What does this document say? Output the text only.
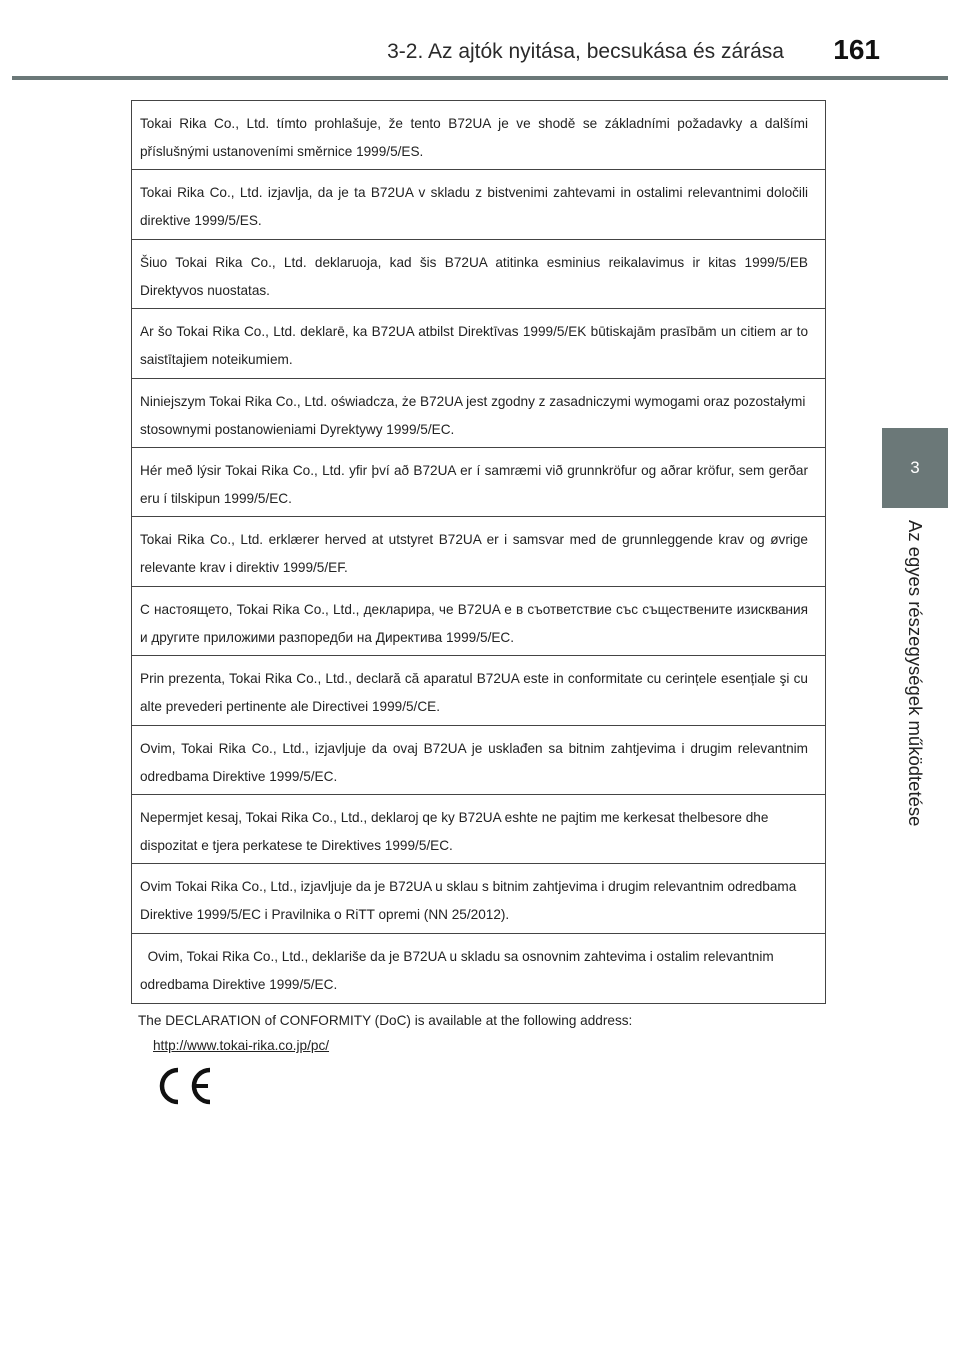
3-2. Az ajtók nyitása, becsukása és zárása 161
3
Az egyes részegységek működtetése
Tokai Rika Co., Ltd. tímto prohlašuje, že tento B72UA je ve shodě se základními požadavky a dalšími příslušnými ustanoveními směrnice 1999/5/ES.
Tokai Rika Co., Ltd. izjavlja, da je ta B72UA v skladu z bistvenimi zahtevami in ostalimi relevantnimi določili direktive 1999/5/ES.
Šiuo Tokai Rika Co., Ltd. deklaruoja, kad šis B72UA atitinka esminius reikalavimus ir kitas 1999/5/EB Direktyvos nuostatas.
Ar šo Tokai Rika Co., Ltd. deklarē, ka B72UA atbilst Direktīvas 1999/5/EK būtiskajām prasībām un citiem ar to saistītajiem noteikumiem.
Niniejszym Tokai Rika Co., Ltd. oświadcza, że B72UA jest zgodny z zasadniczymi wymogami oraz pozostałymi stosownymi postanowieniami Dyrektywy 1999/5/EC.
Hér með lýsir Tokai Rika Co., Ltd. yfir því að B72UA er í samræmi við grunnkröfur og aðrar kröfur, sem gerðar eru í tilskipun 1999/5/EC.
Tokai Rika Co., Ltd. erklærer herved at utstyret B72UA er i samsvar med de grunnleggende krav og øvrige relevante krav i direktiv 1999/5/EF.
С настоящето, Tokai Rika Co., Ltd., декларира, че B72UA е в съответствие със съществените изисквания и другите приложими разпоредби на Директива 1999/5/EC.
Prin prezenta, Tokai Rika Co., Ltd., declară că aparatul B72UA este in conformitate cu cerințele esențiale şi cu alte prevederi pertinente ale Directivei 1999/5/CE.
Ovim, Tokai Rika Co., Ltd., izjavljuje da ovaj B72UA je usklađen sa bitnim zahtjevima i drugim relevantnim odredbama Direktive 1999/5/EC.
Nepermjet kesaj, Tokai Rika Co., Ltd., deklaroj qe ky B72UA eshte ne pajtim me kerkesat thelbesore dhe dispozitat e tjera perkatese te Direktives 1999/5/EC.
Ovim Tokai Rika Co., Ltd., izjavljuje da je B72UA u sklau s bitnim zahtjevima i drugim relevantnim odredbama Direktive 1999/5/EC i Pravilnika o RiTT opremi (NN 25/2012).
Ovim, Tokai Rika Co., Ltd., deklariše da je B72UA u skladu sa osnovnim zahtevima i ostalim relevantnim odredbama Direktive 1999/5/EC.
The DECLARATION of CONFORMITY (DoC) is available at the following address:
http://www.tokai-rika.co.jp/pc/
